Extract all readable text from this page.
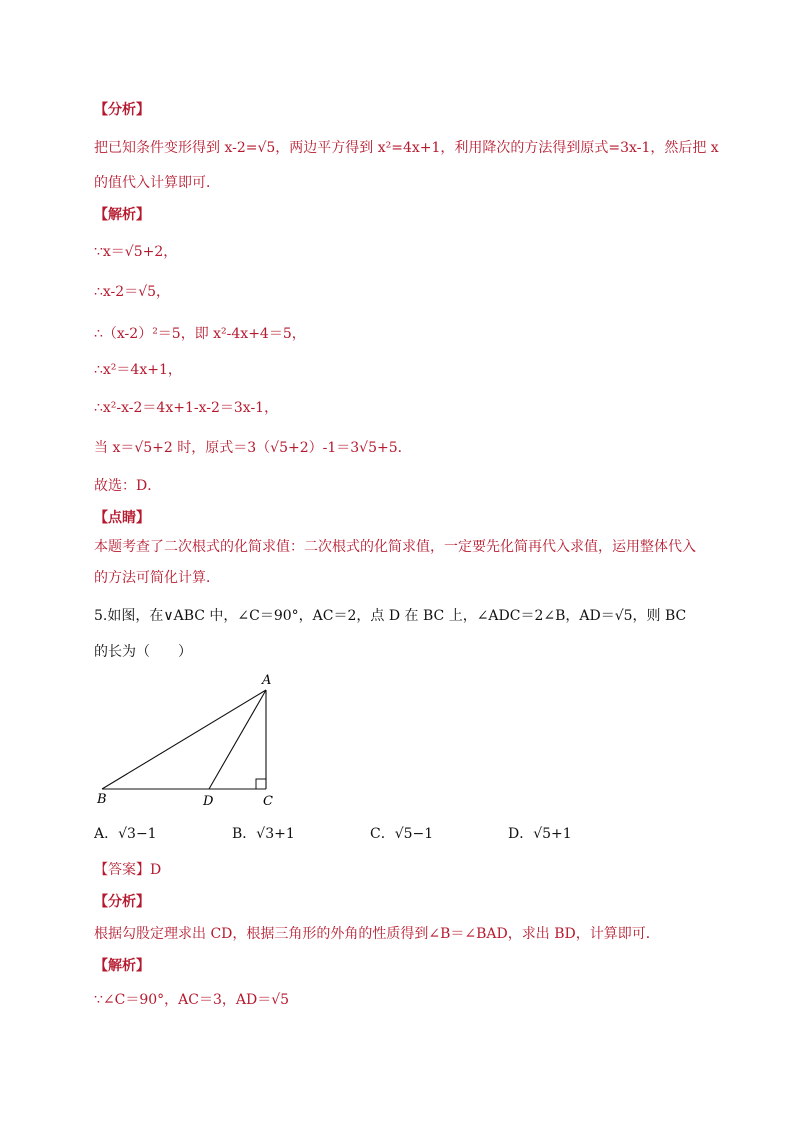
【分析】
把已知条件变形得到 x-2=√5，两边平方得到 x²=4x+1，利用降次的方法得到原式=3x-1，然后把 x
的值代入计算即可．
【解析】
∵x＝√5+2，
∴x-2＝√5，
∴（x-2）²＝5，即 x²-4x+4＝5，
∴x²＝4x+1，
∴x²-x-2＝4x+1-x-2＝3x-1，
当 x＝√5+2 时，原式＝3（√5+2）-1＝3√5+5．
故选：D．
【点睛】
本题考查了二次根式的化简求值：二次根式的化简求值，一定要先化简再代入求值，运用整体代入
的方法可简化计算．
5.如图，在∨ABC 中，∠C＝90°，AC＝2，点 D 在 BC 上，∠ADC＝2∠B，AD＝√5，则 BC
的长为（　　）
A
B	C
D
A．√3−1	B．√3+1	C．√5−1	D．√5+1
【答案】D
【分析】
根据勾股定理求出 CD，根据三角形的外角的性质得到∠B＝∠BAD，求出 BD，计算即可．
【解析】
∵∠C＝90°，AC＝3，AD＝√5
